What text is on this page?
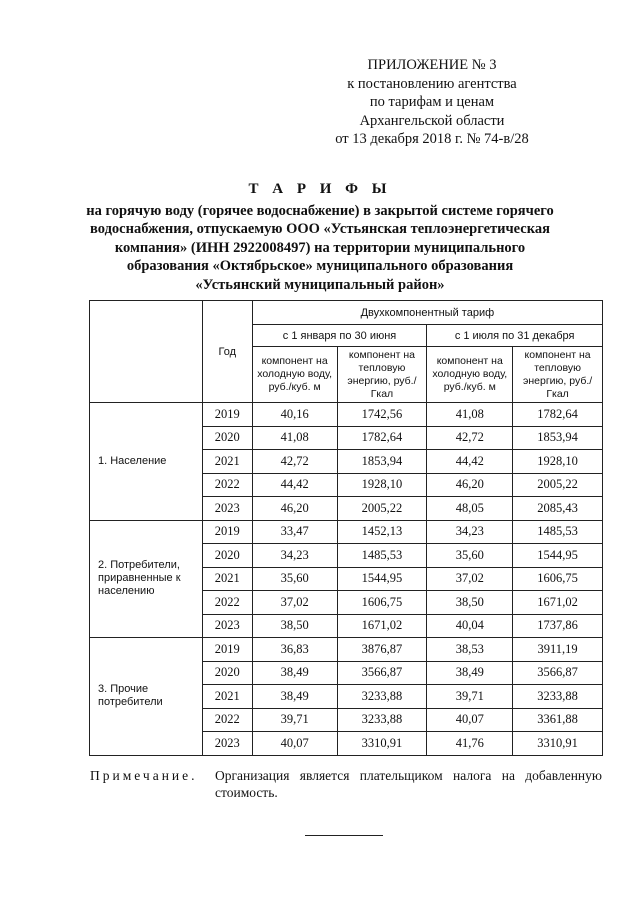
ПРИЛОЖЕНИЕ № 3
к постановлению агентства
по тарифам и ценам
Архангельской области
от 13 декабря 2018 г. № 74-в/28
Т А Р И Ф Ы
на горячую воду (горячее водоснабжение) в закрытой системе горячего
водоснабжения, отпускаемую ООО «Устьянская теплоэнергетическая
компания» (ИНН 2922008497) на территории муниципального
образования «Октябрьское» муниципального образования
«Устьянский муниципальный район»
	Год	Двухкомпонентный тариф			
		с 1 января по 30 июня		с 1 июля по 31 декабря	
		компонент на холодную воду, руб./куб. м	компонент на тепловую энергию, руб./Гкал	компонент на холодную воду, руб./куб. м	компонент на тепловую энергию, руб./Гкал
1. Население	2019	40,16	1742,56	41,08	1782,64
	2020	41,08	1782,64	42,72	1853,94
	2021	42,72	1853,94	44,42	1928,10
	2022	44,42	1928,10	46,20	2005,22
	2023	46,20	2005,22	48,05	2085,43
2. Потребители, приравненные к населению	2019	33,47	1452,13	34,23	1485,53
	2020	34,23	1485,53	35,60	1544,95
	2021	35,60	1544,95	37,02	1606,75
	2022	37,02	1606,75	38,50	1671,02
	2023	38,50	1671,02	40,04	1737,86
3. Прочие потребители	2019	36,83	3876,87	38,53	3911,19
	2020	38,49	3566,87	38,49	3566,87
	2021	38,49	3233,88	39,71	3233,88
	2022	39,71	3233,88	40,07	3361,88
	2023	40,07	3310,91	41,76	3310,91
Примечание. Организация является плательщиком налога на добавленную стоимость.
